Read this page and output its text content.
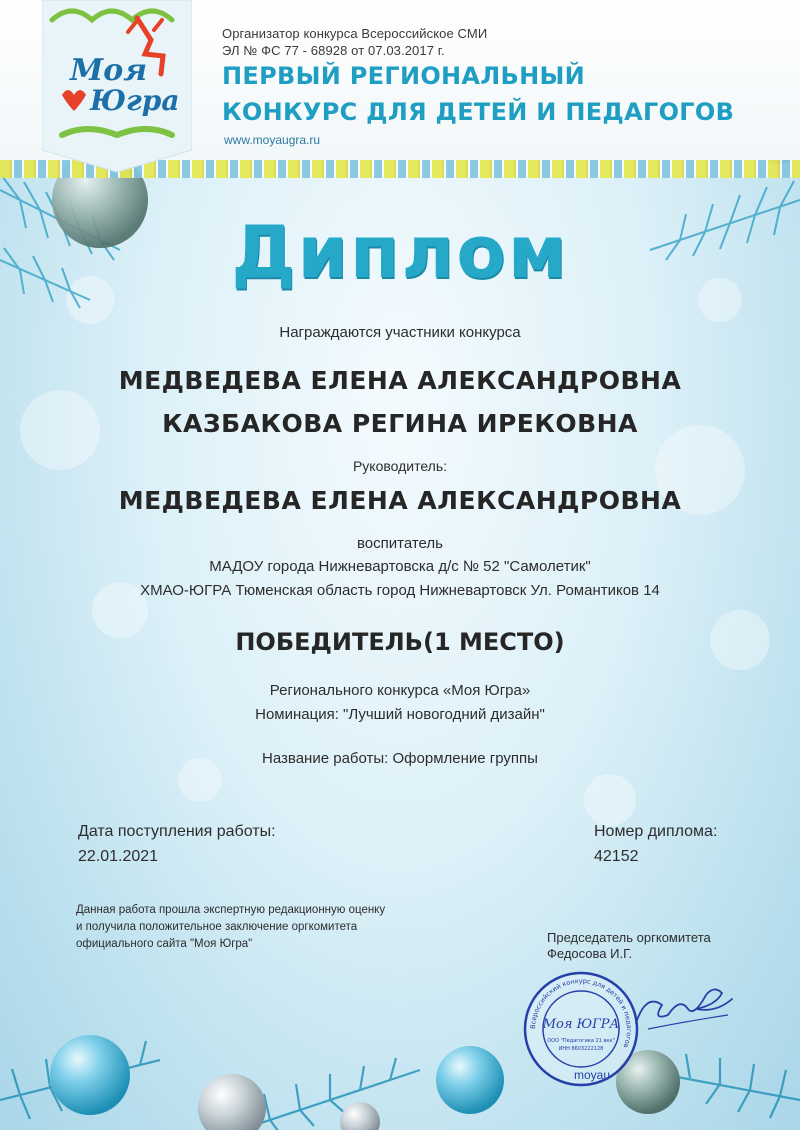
Моя
Югра
Организатор конкурса Всероссийское СМИ
ЭЛ № ФС 77 - 68928 от 07.03.2017 г.
ПЕРВЫЙ РЕГИОНАЛЬНЫЙ
КОНКУРС ДЛЯ ДЕТЕЙ И ПЕДАГОГОВ
www.moyaugra.ru
Диплом
Награждаются участники конкурса
МЕДВЕДЕВА ЕЛЕНА АЛЕКСАНДРОВНА
КАЗБАКОВА РЕГИНА ИРЕКОВНА
Руководитель:
МЕДВЕДЕВА ЕЛЕНА АЛЕКСАНДРОВНА
воспитатель
МАДОУ города Нижневартовска д/с № 52 "Самолетик"
ХМАО-ЮГРА Тюменская область город Нижневартовск Ул. Романтиков 14
ПОБЕДИТЕЛЬ(1 МЕСТО)
Регионального конкурса «Моя Югра»
Номинация: "Лучший новогодний дизайн"
Название работы: Оформление группы
Дата поступления работы:
22.01.2021
Номер диплома:
42152
Данная работа прошла экспертную редакционную оценку
и получила положительное заключение оргкомитета
официального сайта "Моя Югра"	Председатель оргкомитета
Федосова И.Г.
Всероссийский конкурс для детей и педагогов
Моя ЮГРА
ООО "Педагогика 21 век"
ИНН 8603222128
moyau
